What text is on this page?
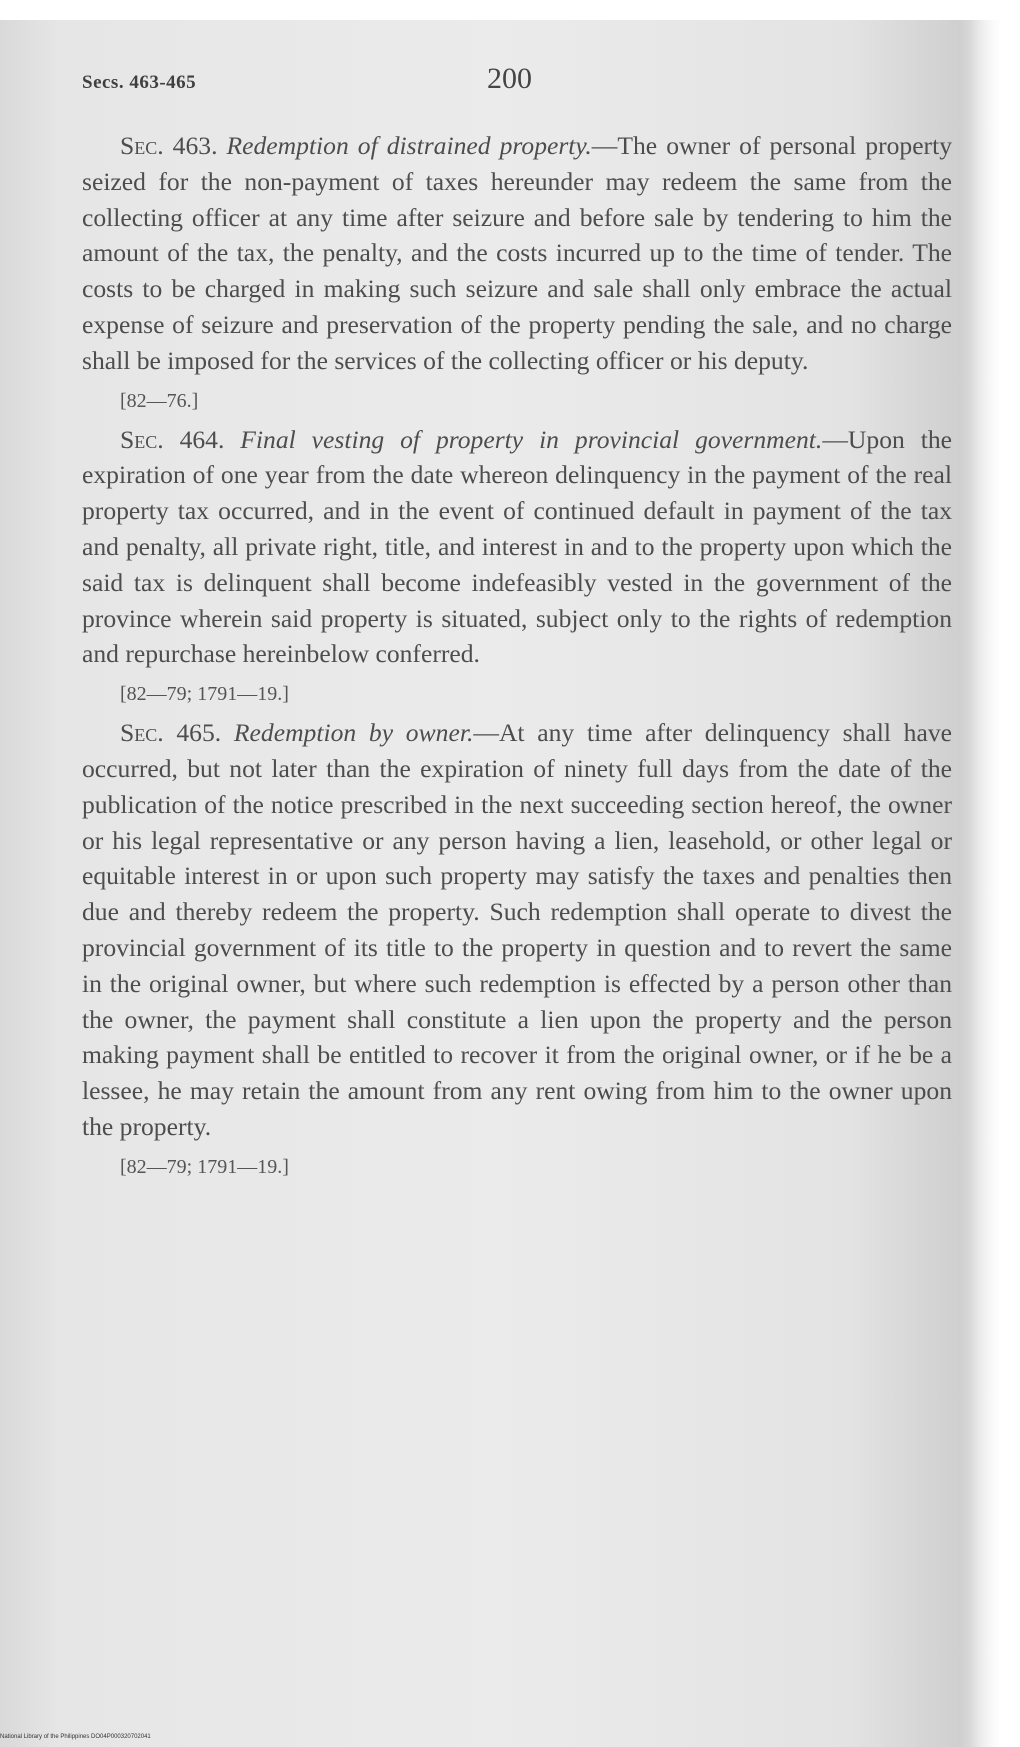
Secs. 463-465	200

Sec. 463. Redemption of distrained property.—The owner of personal property seized for the non-payment of taxes hereunder may redeem the same from the collecting officer at any time after seizure and before sale by tendering to him the amount of the tax, the penalty, and the costs incurred up to the time of tender. The costs to be charged in making such seizure and sale shall only embrace the actual expense of seizure and preservation of the property pending the sale, and no charge shall be imposed for the services of the collecting officer or his deputy.

[82—76.]

Sec. 464. Final vesting of property in provincial government.—Upon the expiration of one year from the date whereon delinquency in the payment of the real property tax occurred, and in the event of continued default in payment of the tax and penalty, all private right, title, and interest in and to the property upon which the said tax is delinquent shall become indefeasibly vested in the government of the province wherein said property is situated, subject only to the rights of redemption and repurchase hereinbelow conferred.

[82—79; 1791—19.]

Sec. 465. Redemption by owner.—At any time after delinquency shall have occurred, but not later than the expiration of ninety full days from the date of the publication of the notice prescribed in the next succeeding section hereof, the owner or his legal representative or any person having a lien, leasehold, or other legal or equitable interest in or upon such property may satisfy the taxes and penalties then due and thereby redeem the property. Such redemption shall operate to divest the provincial government of its title to the property in question and to revert the same in the original owner, but where such redemption is effected by a person other than the owner, the payment shall constitute a lien upon the property and the person making payment shall be entitled to recover it from the original owner, or if he be a lessee, he may retain the amount from any rent owing from him to the owner upon the property.

[82—79; 1791—19.]
National Library of the Philippines DO04P000320702041
